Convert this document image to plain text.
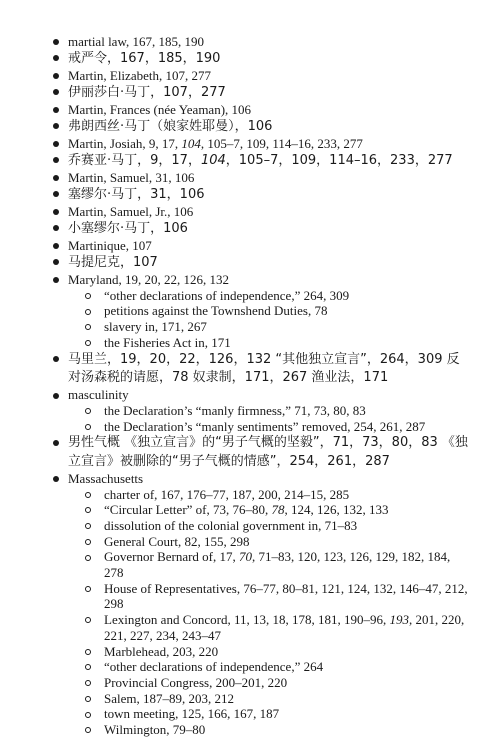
martial law, 167, 185, 190
戒严令，167，185，190
Martin, Elizabeth, 107, 277
伊丽莎白·马丁，107，277
Martin, Frances (née Yeaman), 106
弗朗西丝·马丁（娘家姓耶曼），106
Martin, Josiah, 9, 17, 104, 105–7, 109, 114–16, 233, 277
乔赛亚·马丁，9，17，104，105–7，109，114–16，233，277
Martin, Samuel, 31, 106
塞缪尔·马丁，31，106
Martin, Samuel, Jr., 106
小塞缪尔·马丁，106
Martinique, 107
马提尼克，107
Maryland, 19, 20, 22, 126, 132
“other declarations of independence,” 264, 309
petitions against the Townshend Duties, 78
slavery in, 171, 267
the Fisheries Act in, 171
马里兰，19，20，22，126，132 “其他独立宣言”，264，309 反对汤森税的请愿，78 奴隶制，171，267 渔业法，171
masculinity
the Declaration’s “manly firmness,” 71, 73, 80, 83
the Declaration’s “manly sentiments” removed, 254, 261, 287
男性气概 《独立宣言》的“男子气概的坚毅”，71，73，80，83 《独立宣言》被删除的“男子气概的情感”，254，261，287
Massachusetts
charter of, 167, 176–77, 187, 200, 214–15, 285
“Circular Letter” of, 73, 76–80, 78, 124, 126, 132, 133
dissolution of the colonial government in, 71–83
General Court, 82, 155, 298
Governor Bernard of, 17, 70, 71–83, 120, 123, 126, 129, 182, 184, 278
House of Representatives, 76–77, 80–81, 121, 124, 132, 146–47, 212, 298
Lexington and Concord, 11, 13, 18, 178, 181, 190–96, 193, 201, 220, 221, 227, 234, 243–47
Marblehead, 203, 220
“other declarations of independence,” 264
Provincial Congress, 200–201, 220
Salem, 187–89, 203, 212
town meeting, 125, 166, 167, 187
Wilmington, 79–80
